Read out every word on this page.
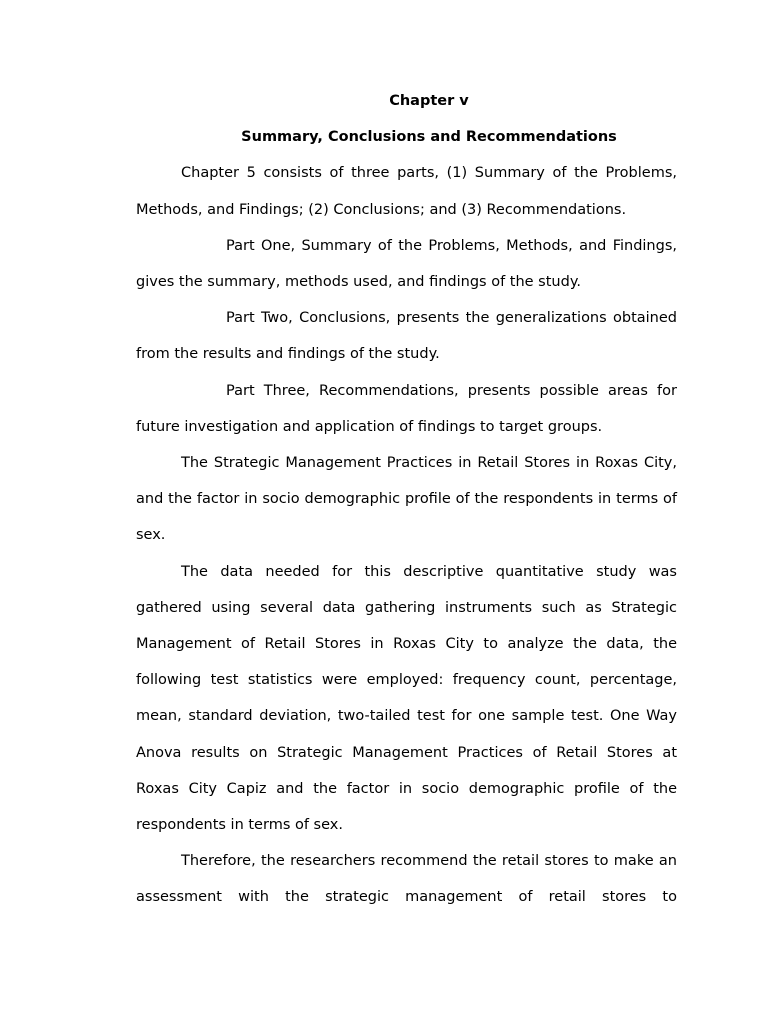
Chapter v

Summary, Conclusions and Recommendations

Chapter 5 consists of three parts, (1) Summary of the Problems, Methods, and Findings; (2) Conclusions; and (3) Recommendations.

Part One, Summary of the Problems, Methods, and Findings, gives the summary, methods used, and findings of the study.

Part Two, Conclusions, presents the generalizations obtained from the results and findings of the study.

Part Three, Recommendations, presents possible areas for future investigation and application of findings to target groups.

The Strategic Management Practices in Retail Stores in Roxas City, and the factor in socio demographic profile of the respondents in terms of sex.

The data needed for this descriptive quantitative study was gathered using several data gathering instruments such as Strategic Management of Retail Stores in Roxas City to analyze the data, the following test statistics were employed: frequency count, percentage, mean, standard deviation, two-tailed test for one sample test. One Way Anova results on Strategic Management Practices of Retail Stores at Roxas City Capiz and the factor in socio demographic profile of the respondents in terms of sex.

Therefore, the researchers recommend the retail stores to make an assessment with the strategic management of retail stores to
